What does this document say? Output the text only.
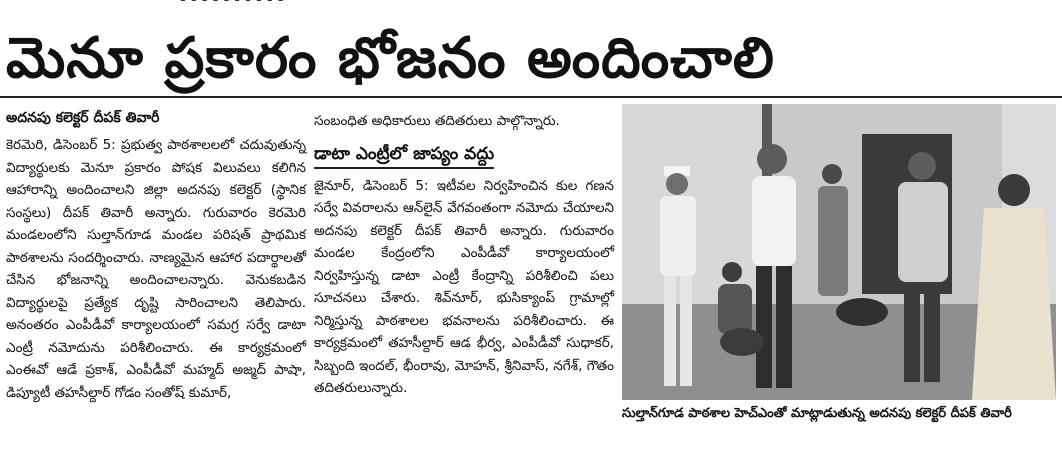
మెనూ ప్రకారం భోజనం అందించాలి
అదనపు కలెక్టర్ దీపక్ తివారీ

కెరమెరి, డిసెంబర్ 5: ప్రభుత్వ పాఠశాలలలో చదువుతున్న విద్యార్థులకు మెనూ ప్రకారం పోషక విలువలు కలిగిన ఆహారాన్ని అందించాలని జిల్లా అదనపు కలెక్టర్ (స్థానిక సంస్థలు) దీపక్ తివారీ అన్నారు. గురువారం కెరమెరి మండలంలోని సుల్తాన్‌గూడ మండల పరిషత్ ప్రాథమిక పాఠశాలను సందర్శించారు. నాణ్యమైన ఆహార పదార్థాలతో చేసిన భోజనాన్ని అందించాలన్నారు. వెనుకబడిన విద్యార్థులపై ప్రత్యేక దృష్టి సారించాలని తెలిపారు. అనంతరం ఎంపీడీవో కార్యాలయంలో సమగ్ర సర్వే డాటా ఎంట్రీ నమోదును పరిశీలించారు. ఈ కార్యక్రమంలో ఎంఈవో ఆడే ప్రకాశ్, ఎంపీడీవో మహ్మద్ అజ్మద్ పాషా, డిప్యూటీ తహసీల్దార్ గోడం సంతోష్ కుమార్,

సంబంధిత అధికారులు తదితరులు పాల్గొన్నారు.

డాటా ఎంట్రీలో జాప్యం వద్దు

జైనూర్, డిసెంబర్ 5: ఇటీవల నిర్వహించిన కుల గణన సర్వే వివరాలను ఆన్‌లైన్ వేగవంతంగా నమోదు చేయాలని అదనపు కలెక్టర్ దీపక్ తివారీ అన్నారు. గురువారం మండల కేంద్రంలోని ఎంపీడీవో కార్యాలయంలో నిర్వహిస్తున్న డాటా ఎంట్రీ కేంద్రాన్ని పరిశీలించి పలు సూచనలు చేశారు. శివ్‌నూర్, భుసిక్యాంప్ గ్రామాల్లో నిర్మిస్తున్న పాఠశాలల భవనాలను పరిశీలించారు. ఈ కార్యక్రమంలో తహసీల్దార్ ఆడ భీర్వ, ఎంపీడీవో సుధాకర్, సిబ్బంది ఇందల్, భీంరావు, మోహన్, శ్రీనివాస్, నగేశ్, గౌతం తదితరులున్నారు.

సుల్తాన్‌గూడ పాఠశాల హెచ్‌ఎంతో మాట్లాడుతున్న అదనపు కలెక్టర్ దీపక్ తివారీ
